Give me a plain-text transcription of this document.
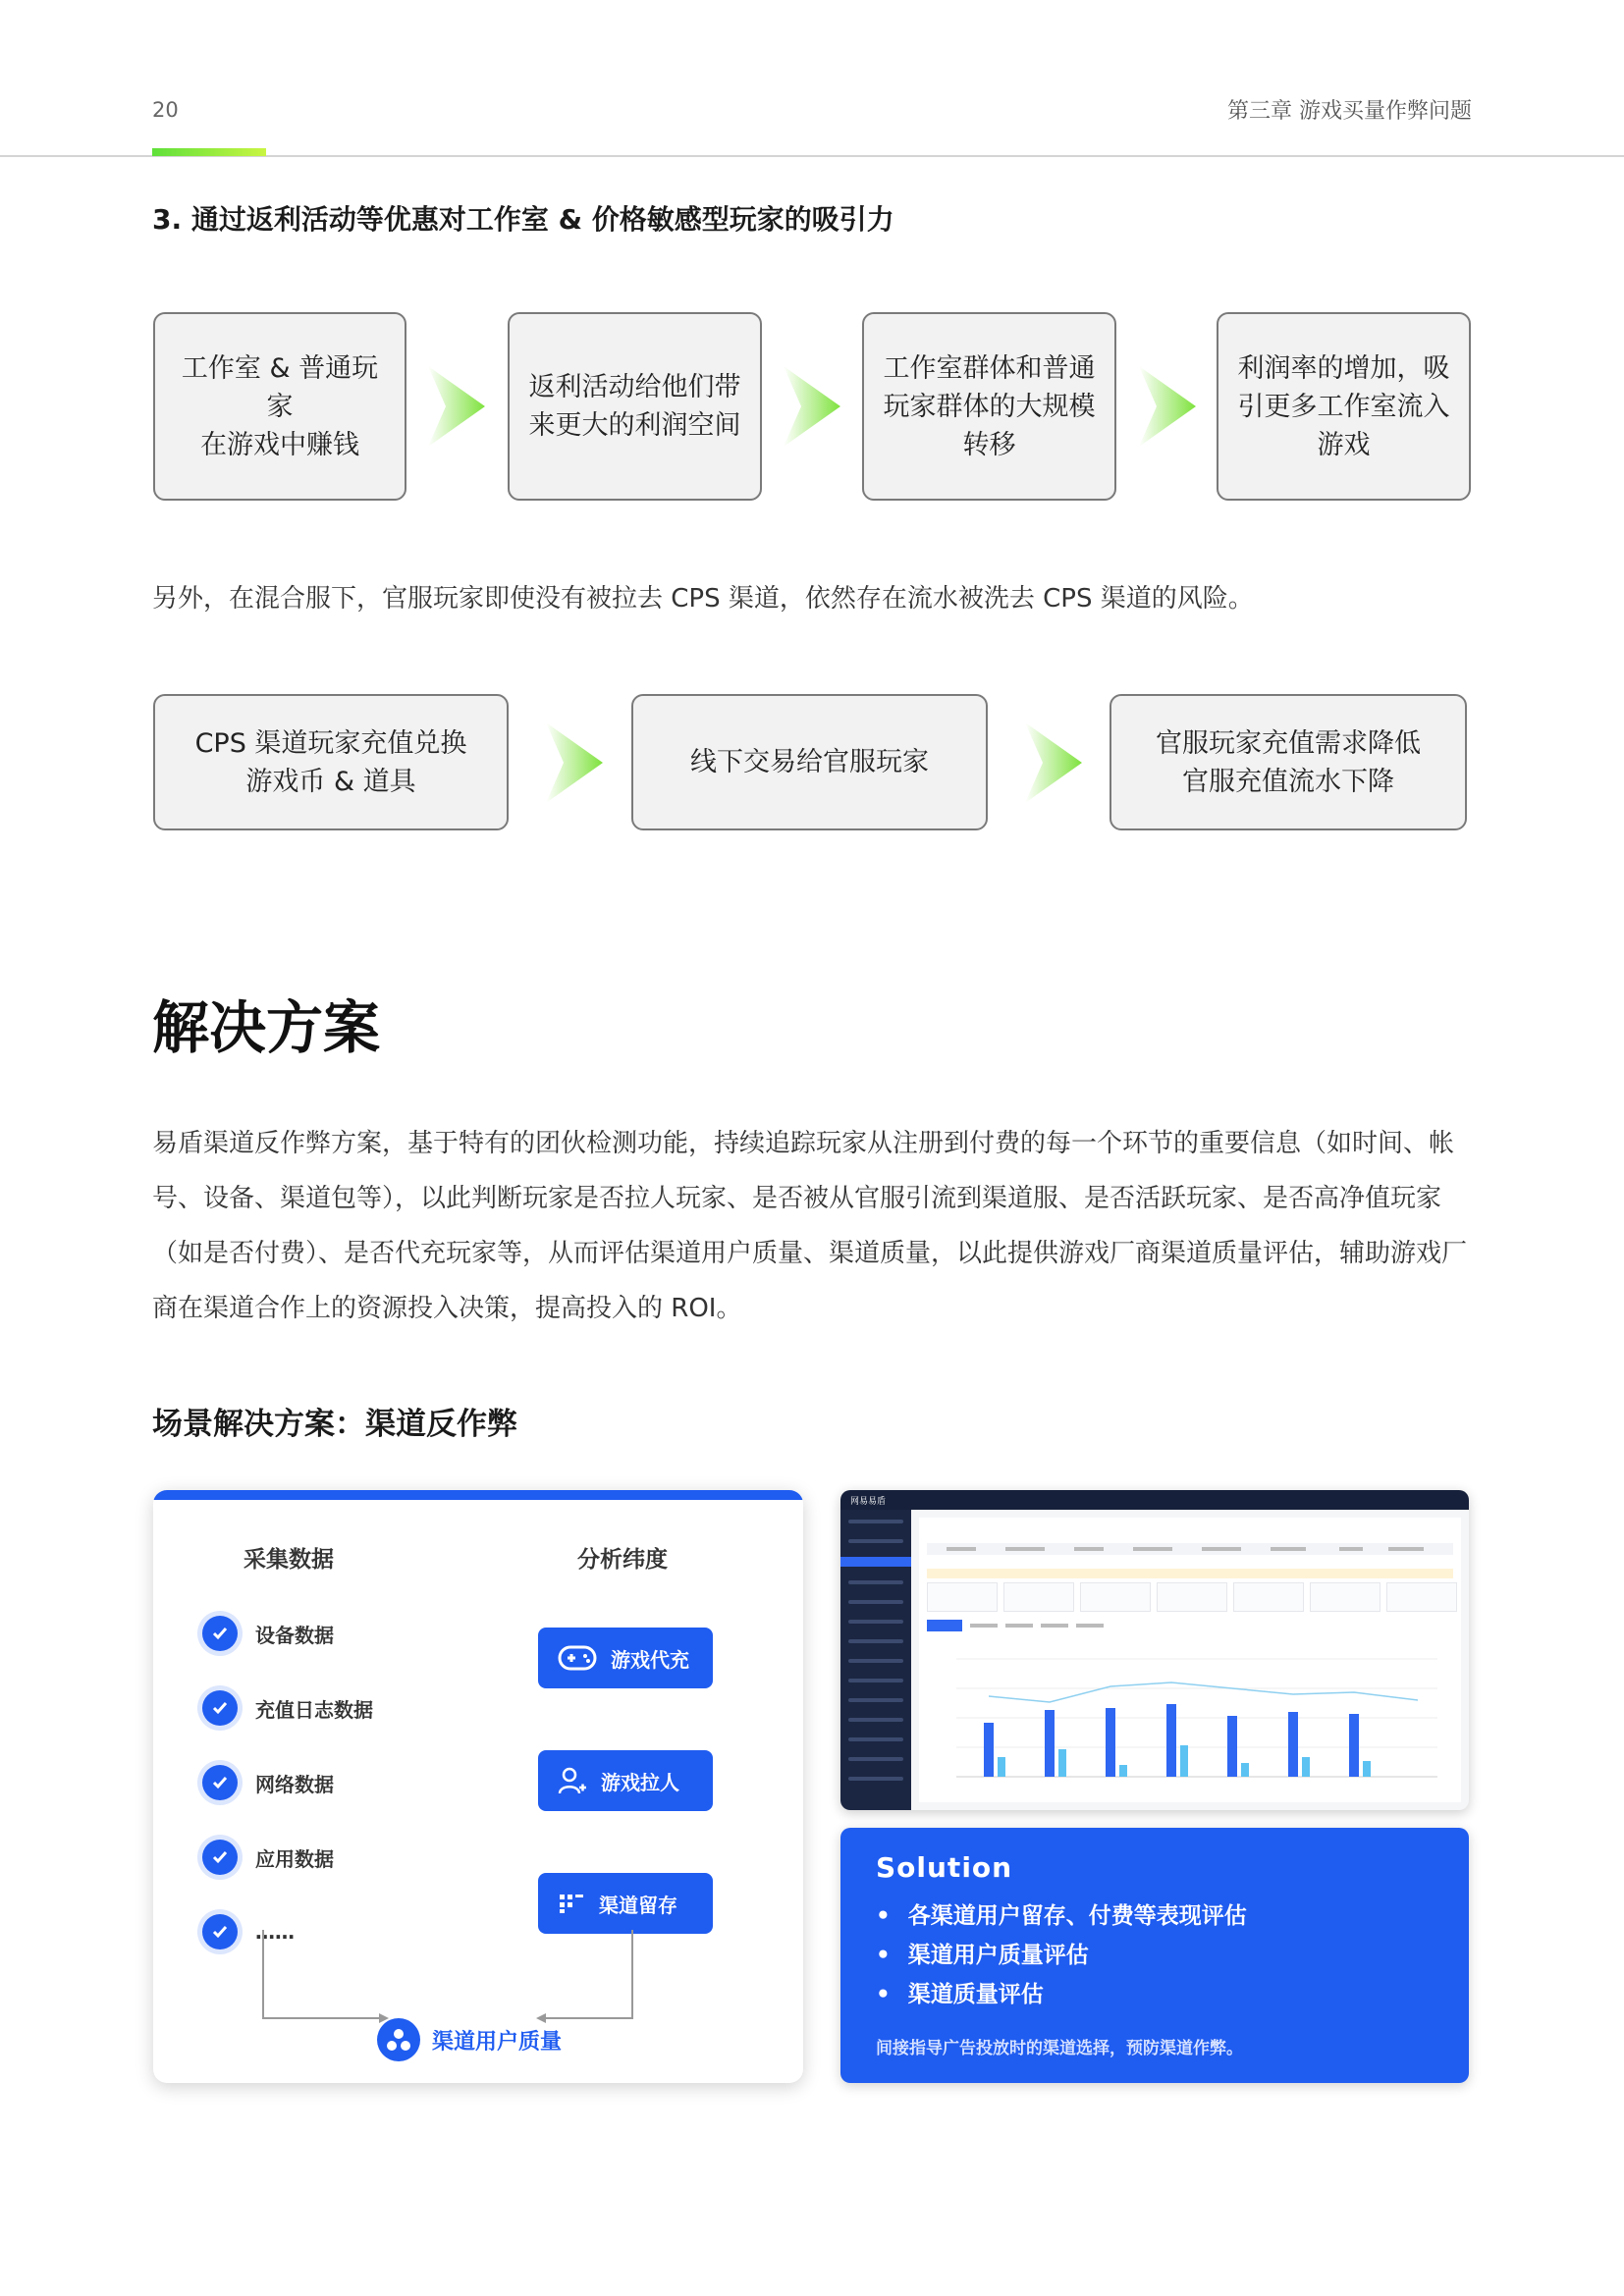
20	第三章 游戏买量作弊问题
3. 通过返利活动等优惠对工作室 & 价格敏感型玩家的吸引力
工作室 & 普通玩家
在游戏中赚钱
返利活动给他们带
来更大的利润空间
工作室群体和普通
玩家群体的大规模
转移
利润率的增加，吸
引更多工作室流入
游戏
另外，在混合服下，官服玩家即使没有被拉去 CPS 渠道，依然存在流水被洗去 CPS 渠道的风险。
CPS 渠道玩家充值兑换
游戏币 & 道具
线下交易给官服玩家
官服玩家充值需求降低
官服充值流水下降
解决方案
易盾渠道反作弊方案，基于特有的团伙检测功能，持续追踪玩家从注册到付费的每一个环节的重要信息（如时间、帐号、设备、渠道包等），以此判断玩家是否拉人玩家、是否被从官服引流到渠道服、是否活跃玩家、是否高净值玩家（如是否付费）、是否代充玩家等，从而评估渠道用户质量、渠道质量，以此提供游戏厂商渠道质量评估，辅助游戏厂商在渠道合作上的资源投入决策，提高投入的 ROI。
场景解决方案：渠道反作弊
采集数据	分析纬度
设备数据
充值日志数据
网络数据
应用数据
……
游戏代充
游戏拉人
渠道留存
渠道用户质量
网易易盾
Solution
• 各渠道用户留存、付费等表现评估
• 渠道用户质量评估
• 渠道质量评估
间接指导广告投放时的渠道选择，预防渠道作弊。
